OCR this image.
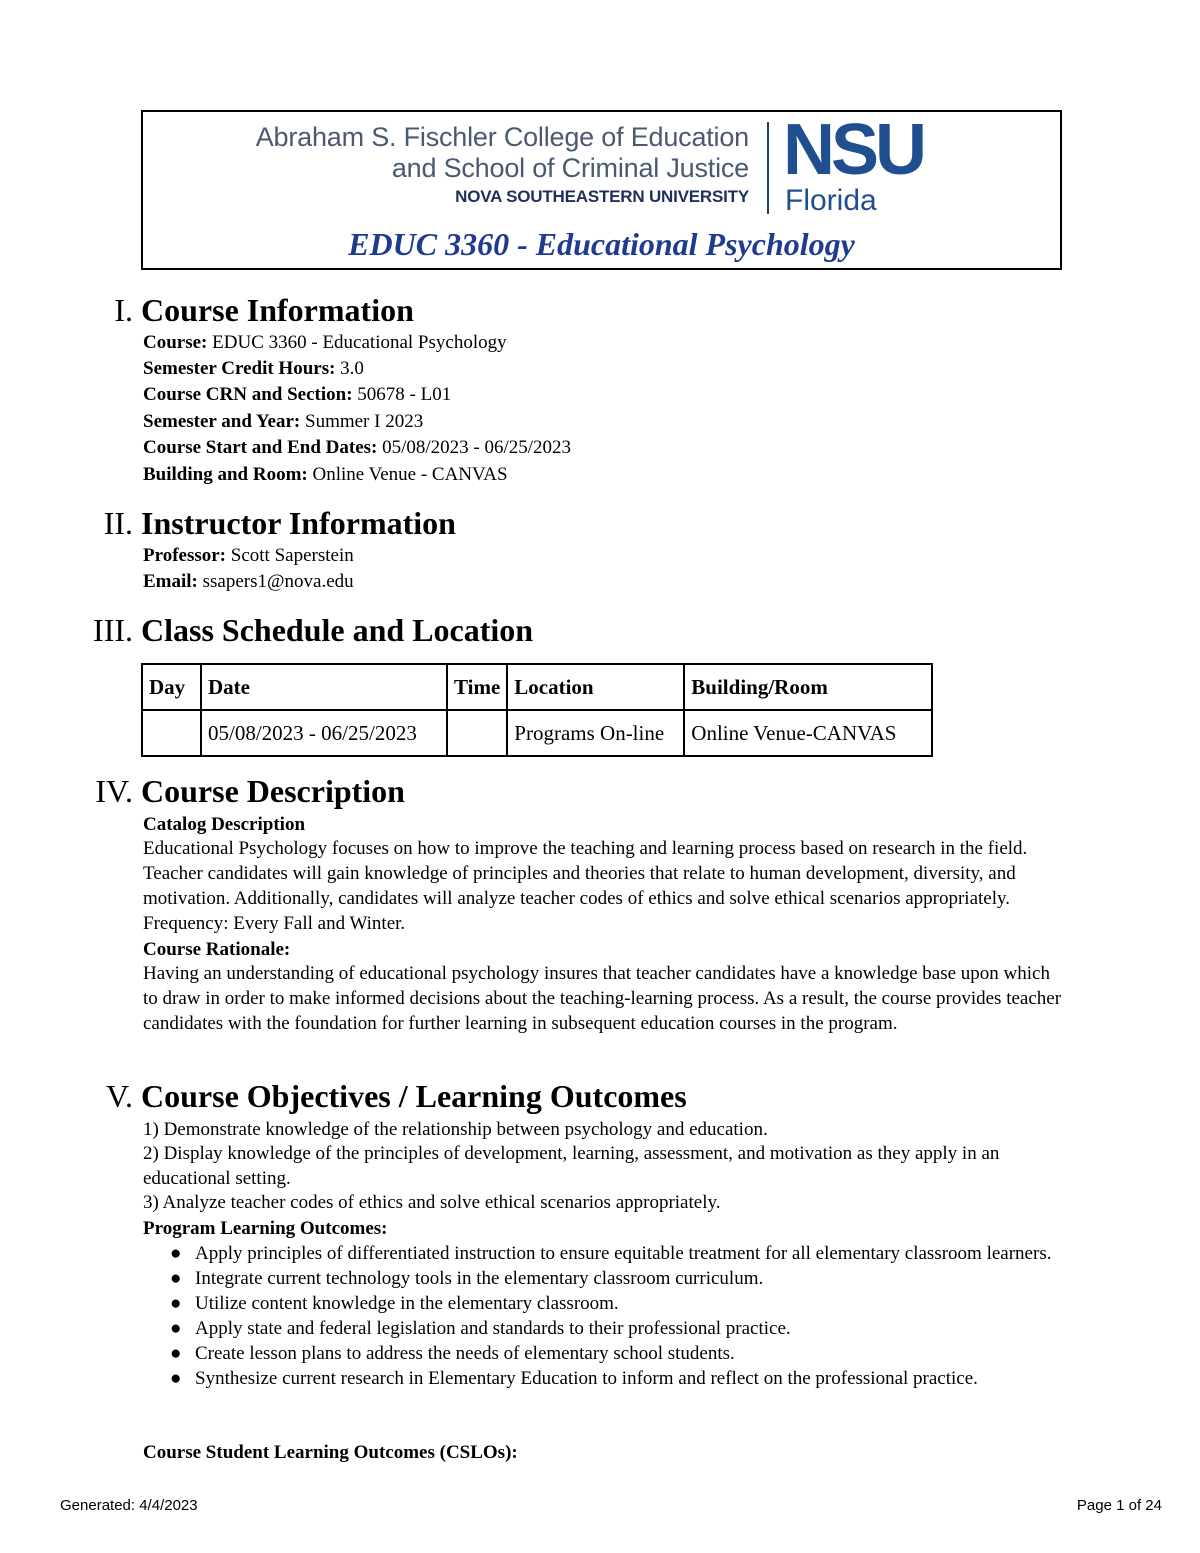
Abraham S. Fischler College of Education
and School of Criminal Justice
NOVA SOUTHEASTERN UNIVERSITY
NSU
Florida
EDUC 3360 - Educational Psychology
I. Course Information
Course: EDUC 3360 - Educational Psychology
Semester Credit Hours: 3.0
Course CRN and Section: 50678 - L01
Semester and Year: Summer I 2023
Course Start and End Dates: 05/08/2023 - 06/25/2023
Building and Room: Online Venue - CANVAS
II. Instructor Information
Professor: Scott Saperstein
Email: ssapers1@nova.edu
III. Class Schedule and Location
Day	Date	Time	Location	Building/Room
	05/08/2023 - 06/25/2023		Programs On-line	Online Venue-CANVAS
IV. Course Description
Catalog Description
Educational Psychology focuses on how to improve the teaching and learning process based on research in the field. Teacher candidates will gain knowledge of principles and theories that relate to human development, diversity, and motivation. Additionally, candidates will analyze teacher codes of ethics and solve ethical scenarios appropriately. Frequency: Every Fall and Winter.
Course Rationale:
Having an understanding of educational psychology insures that teacher candidates have a knowledge base upon which to draw in order to make informed decisions about the teaching-learning process. As a result, the course provides teacher candidates with the foundation for further learning in subsequent education courses in the program.
V. Course Objectives / Learning Outcomes
1) Demonstrate knowledge of the relationship between psychology and education.
2) Display knowledge of the principles of development, learning, assessment, and motivation as they apply in an educational setting.
3) Analyze teacher codes of ethics and solve ethical scenarios appropriately.
Program Learning Outcomes:
● Apply principles of differentiated instruction to ensure equitable treatment for all elementary classroom learners.
● Integrate current technology tools in the elementary classroom curriculum.
● Utilize content knowledge in the elementary classroom.
● Apply state and federal legislation and standards to their professional practice.
● Create lesson plans to address the needs of elementary school students.
● Synthesize current research in Elementary Education to inform and reflect on the professional practice.
Course Student Learning Outcomes (CSLOs):
Generated: 4/4/2023	Page 1 of 24
